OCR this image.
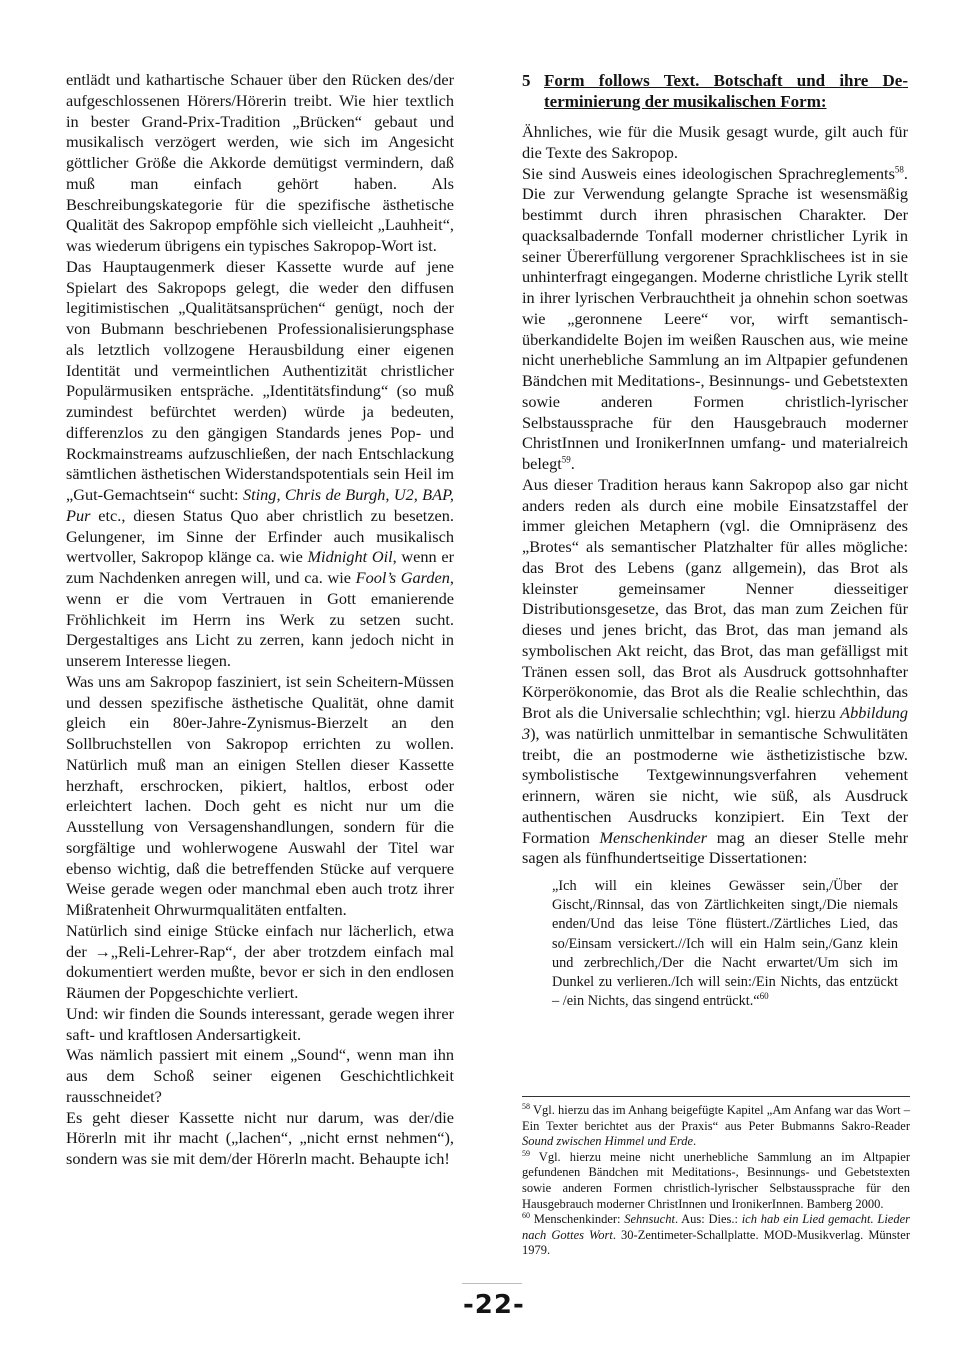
entlädt und kathartische Schauer über den Rücken des/der aufgeschlossenen Hörers/Hörerin treibt. Wie hier textlich in bester Grand-Prix-Tradition „Brücken“ gebaut und musikalisch verzögert werden, wie sich im Angesicht göttlicher Größe die Akkorde demütigst vermindern, daß muß man einfach gehört haben. Als Beschreibungskategorie für die spezifische ästhetische Qualität des Sakropop empföhle sich vielleicht „Lauhheit“, was wiederum übrigens ein typisches Sakropop-Wort ist.

Das Hauptaugenmerk dieser Kassette wurde auf jene Spielart des Sakropops gelegt, die weder den diffusen legitimistischen „Qualitätsansprüchen“ genügt, noch der von Bubmann beschriebenen Professionalisierungsphase als letztlich vollzogene Herausbildung einer eigenen Identität und vermeintlichen Authentizität christlicher Populärmusiken entspräche. „Identitätsfindung“ (so muß zumindest befürchtet werden) würde ja bedeuten, differenzlos zu den gängigen Standards jenes Pop- und Rockmainstreams aufzuschließen, der nach Entschlackung sämtlichen ästhetischen Widerstandspotentials sein Heil im „Gut-Gemachtsein“ sucht: Sting, Chris de Burgh, U2, BAP, Pur etc., diesen Status Quo aber christlich zu besetzen. Gelungener, im Sinne der Erfinder auch musikalisch wertvoller, Sakropop klänge ca. wie Midnight Oil, wenn er zum Nachdenken anregen will, und ca. wie Fool’s Garden, wenn er die vom Vertrauen in Gott emanierende Fröhlichkeit im Herrn ins Werk zu setzen sucht. Dergestaltiges ans Licht zu zerren, kann jedoch nicht in unserem Interesse liegen.

Was uns am Sakropop fasziniert, ist sein Scheitern-Müssen und dessen spezifische ästhetische Qualität, ohne damit gleich ein 80er-Jahre-Zynismus-Bierzelt an den Sollbruchstellen von Sakropop errichten zu wollen. Natürlich muß man an einigen Stellen dieser Kassette herzhaft, erschrocken, pikiert, haltlos, erbost oder erleichtert lachen. Doch geht es nicht nur um die Ausstellung von Versagenshandlungen, sondern für die sorgfältige und wohlerwogene Auswahl der Titel war ebenso wichtig, daß die betreffenden Stücke auf verquere Weise gerade wegen oder manchmal eben auch trotz ihrer Mißratenheit Ohrwurmqualitäten entfalten.

Natürlich sind einige Stücke einfach nur lächerlich, etwa der →„Reli-Lehrer-Rap“, der aber trotzdem einfach mal dokumentiert werden mußte, bevor er sich in den endlosen Räumen der Popgeschichte verliert.

Und: wir finden die Sounds interessant, gerade wegen ihrer saft- und kraftlosen Andersartigkeit.

Was nämlich passiert mit einem „Sound“, wenn man ihn aus dem Schoß seiner eigenen Geschichtlichkeit rausschneidet?

Es geht dieser Kassette nicht nur darum, was der/die Hörerln mit ihr macht („lachen“, „nicht ernst nehmen“), sondern was sie mit dem/der Hörerln macht. Behaupte ich!

5 Form follows Text. Botschaft und ihre Determinierung der musikalischen Form:

Ähnliches, wie für die Musik gesagt wurde, gilt auch für die Texte des Sakropop.

Sie sind Ausweis eines ideologischen Sprachreglements$^{58}$. Die zur Verwendung gelangte Sprache ist wesensmäßig bestimmt durch ihren phrasischen Charakter. Der quacksalbadernde Tonfall moderner christlicher Lyrik in seiner Übererfüllung vergorener Sprachklischees ist in sie unhinterfragt eingegangen. Moderne christliche Lyrik stellt in ihrer lyrischen Verbrauchtheit ja ohnehin schon soetwas wie „geronnene Leere“ vor, wirft semantisch-überkandidelte Bojen im weißen Rauschen aus, wie meine nicht unerhebliche Sammlung an im Altpapier gefundenen Bändchen mit Meditations-, Besinnungs- und Gebetstexten sowie anderen Formen christlich-lyrischer Selbstaussprache für den Hausgebrauch moderner ChristInnen und IronikerInnen umfang- und materialreich belegt$^{59}$.

Aus dieser Tradition heraus kann Sakropop also gar nicht anders reden als durch eine mobile Einsatzstaffel der immer gleichen Metaphern (vgl. die Omnipräsenz des „Brotes“ als semantischer Platzhalter für alles mögliche: das Brot des Lebens (ganz allgemein), das Brot als kleinster gemeinsamer Nenner diesseitiger Distributionsgesetze, das Brot, das man zum Zeichen für dieses und jenes bricht, das Brot, das man jemand als symbolischen Akt reicht, das Brot, das man gefälligst mit Tränen essen soll, das Brot als Ausdruck gottsohnhafter Körperökonomie, das Brot als die Realie schlechthin, das Brot als die Universalie schlechthin; vgl. hierzu Abbildung 3), was natürlich unmittelbar in semantische Schwulitäten treibt, die an postmoderne wie ästhetizistische bzw. symbolistische Textgewinnungsverfahren vehement erinnern, wären sie nicht, wie süß, als Ausdruck authentischen Ausdrucks konzipiert. Ein Text der Formation Menschenkinder mag an dieser Stelle mehr sagen als fünfhundertseitige Dissertationen:

„Ich will ein kleines Gewässer sein,/Über der Gischt,/Rinnsal, das von Zärtlichkeiten singt,/Die niemals enden/Und das leise Töne flüstert./Zärtliches Lied, das so/Einsam versickert.//Ich will ein Halm sein,/Ganz klein und zerbrechlich,/Der die Nacht erwartet/Um sich im Dunkel zu verlieren./Ich will sein:/Ein Nichts, das entzückt – /ein Nichts, das singend entrückt.“$^{60}$

$^{58}$ Vgl. hierzu das im Anhang beigefügte Kapitel „Am Anfang war das Wort – Ein Texter berichtet aus der Praxis“ aus Peter Bubmanns Sakro-Reader Sound zwischen Himmel und Erde.

$^{59}$ Vgl. hierzu meine nicht unerhebliche Sammlung an im Altpapier gefundenen Bändchen mit Meditations-, Besinnungs- und Gebetstexten sowie anderen Formen christlich-lyrischer Selbstaussprache für den Hausgebrauch moderner ChristInnen und IronikerInnen. Bamberg 2000.

$^{60}$ Menschenkinder: Sehnsucht. Aus: Dies.: ich hab ein Lied gemacht. Lieder nach Gottes Wort. 30-Zentimeter-Schallplatte. MOD-Musikverlag. Münster 1979.

-22-
